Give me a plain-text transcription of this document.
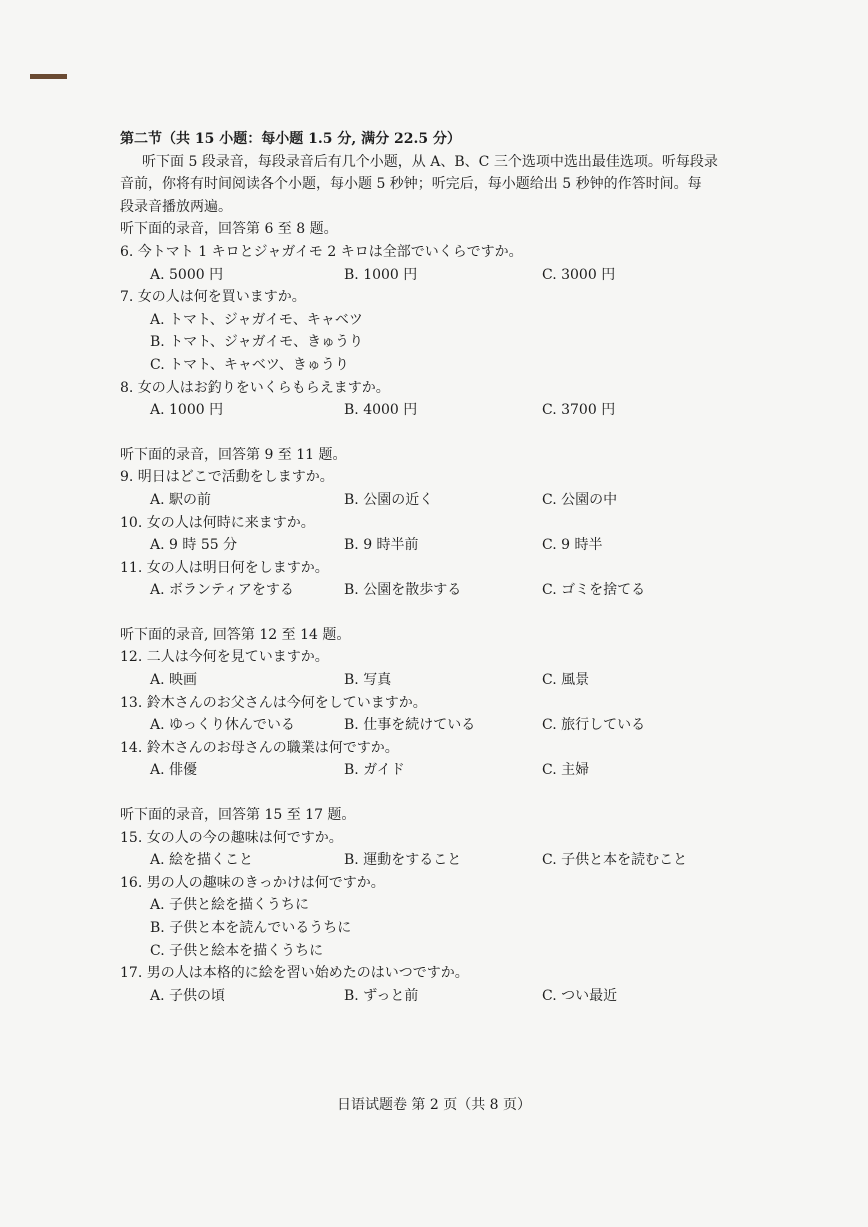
第二节（共 15 小题：每小题 1.5 分, 满分 22.5 分）
听下面 5 段录音，每段录音后有几个小题，从 A、B、C 三个选项中选出最佳选项。听每段录
音前，你将有时间阅读各个小题，每小题 5 秒钟；听完后，每小题给出 5 秒钟的作答时间。每
段录音播放两遍。
听下面的录音，回答第 6 至 8 题。
6. 今トマト 1 キロとジャガイモ 2 キロは全部でいくらですか。
A. 5000 円	B. 1000 円	C. 3000 円
7. 女の人は何を買いますか。
A. トマト、ジャガイモ、キャベツ
B. トマト、ジャガイモ、きゅうり
C. トマト、キャベツ、きゅうり
8. 女の人はお釣りをいくらもらえますか。
A. 1000 円	B. 4000 円	C. 3700 円
听下面的录音，回答第 9 至 11 题。
9. 明日はどこで活動をしますか。
A. 駅の前	B. 公園の近く	C. 公園の中
10. 女の人は何時に来ますか。
A. 9 時 55 分	B. 9 時半前	C. 9 時半
11. 女の人は明日何をしますか。
A. ボランティアをする	B. 公園を散歩する	C. ゴミを捨てる
听下面的录音, 回答第 12 至 14 题。
12. 二人は今何を見ていますか。
A. 映画	B. 写真	C. 風景
13. 鈴木さんのお父さんは今何をしていますか。
A. ゆっくり休んでいる	B. 仕事を続けている	C. 旅行している
14. 鈴木さんのお母さんの職業は何ですか。
A. 俳優	B. ガイド	C. 主婦
听下面的录音，回答第 15 至 17 题。
15. 女の人の今の趣味は何ですか。
A. 絵を描くこと	B. 運動をすること	C. 子供と本を読むこと
16. 男の人の趣味のきっかけは何ですか。
A. 子供と絵を描くうちに
B. 子供と本を読んでいるうちに
C. 子供と絵本を描くうちに
17. 男の人は本格的に絵を習い始めたのはいつですか。
A. 子供の頃	B. ずっと前	C. つい最近
日语试题卷 第 2 页（共 8 页）
